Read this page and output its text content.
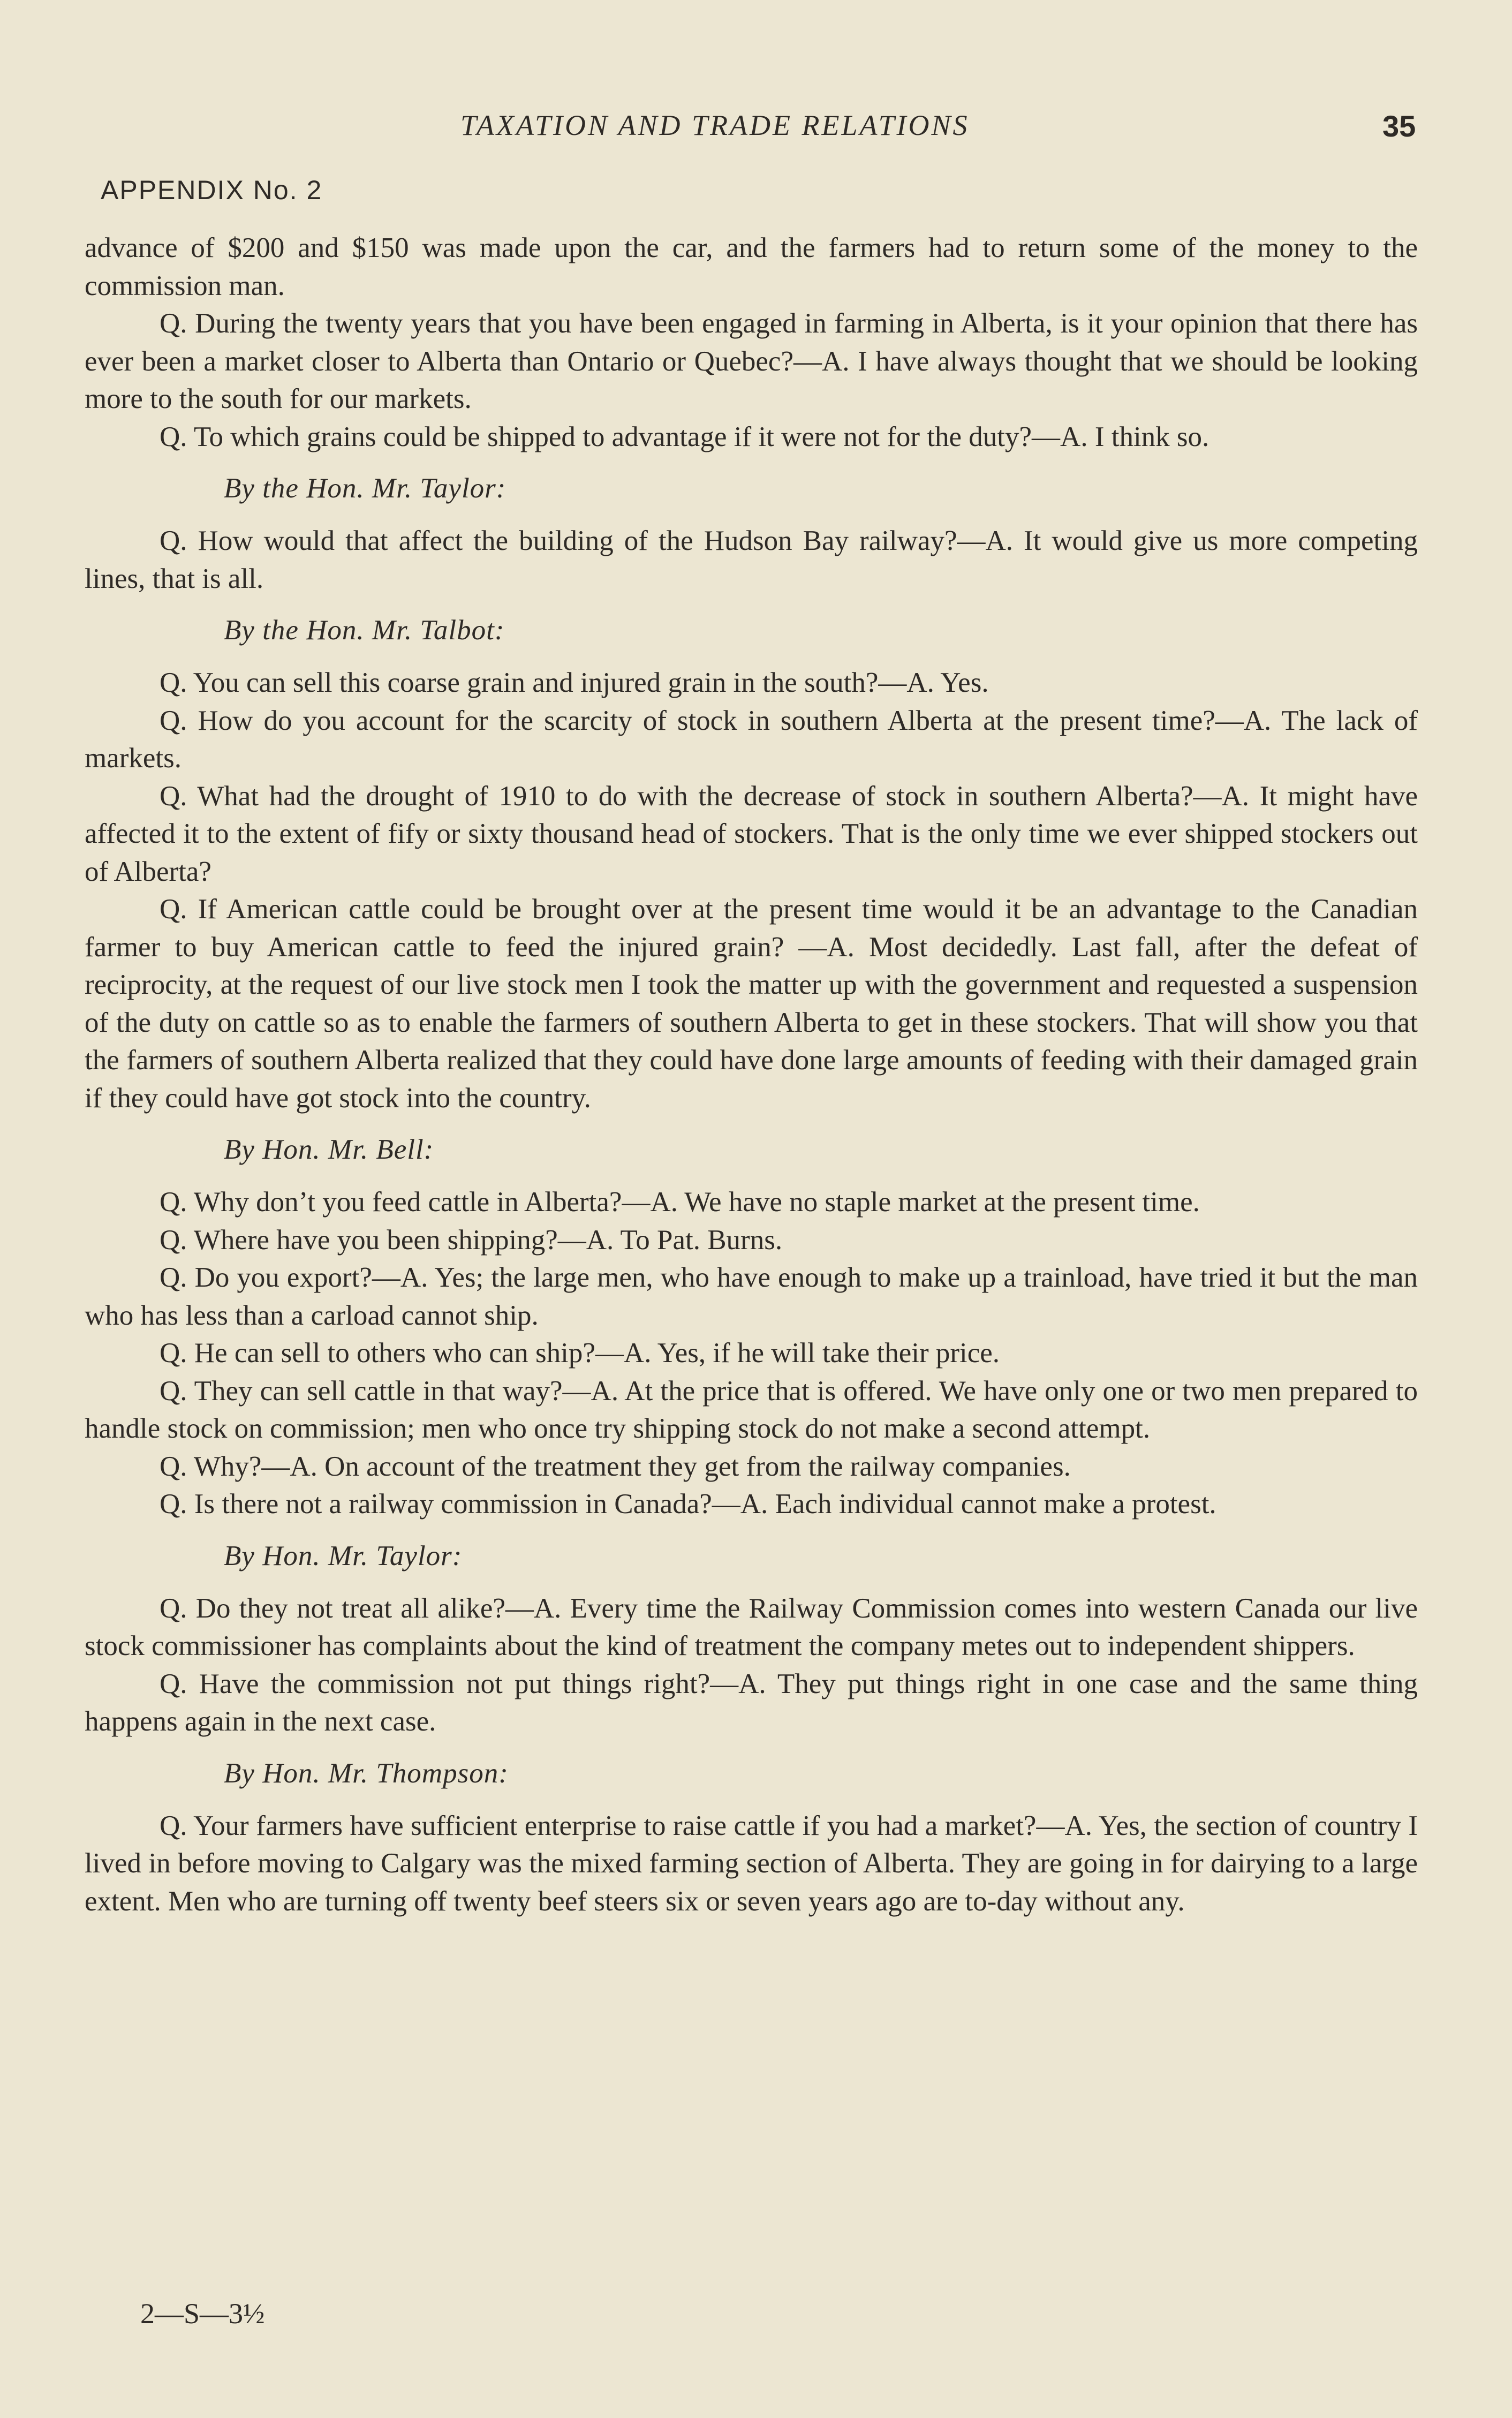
TAXATION AND TRADE RELATIONS	35
APPENDIX No. 2

advance of $200 and $150 was made upon the car, and the farmers had to return some of the money to the commission man.

Q. During the twenty years that you have been engaged in farming in Alberta, is it your opinion that there has ever been a market closer to Alberta than Ontario or Quebec?—A. I have always thought that we should be looking more to the south for our markets.

Q. To which grains could be shipped to advantage if it were not for the duty?—A. I think so.

By the Hon. Mr. Taylor:

Q. How would that affect the building of the Hudson Bay railway?—A. It would give us more competing lines, that is all.

By the Hon. Mr. Talbot:

Q. You can sell this coarse grain and injured grain in the south?—A. Yes.

Q. How do you account for the scarcity of stock in southern Alberta at the present time?—A. The lack of markets.

Q. What had the drought of 1910 to do with the decrease of stock in southern Alberta?—A. It might have affected it to the extent of fify or sixty thousand head of stockers. That is the only time we ever shipped stockers out of Alberta?

Q. If American cattle could be brought over at the present time would it be an advantage to the Canadian farmer to buy American cattle to feed the injured grain? —A. Most decidedly. Last fall, after the defeat of reciprocity, at the request of our live stock men I took the matter up with the government and requested a suspension of the duty on cattle so as to enable the farmers of southern Alberta to get in these stockers. That will show you that the farmers of southern Alberta realized that they could have done large amounts of feeding with their damaged grain if they could have got stock into the country.

By Hon. Mr. Bell:

Q. Why don’t you feed cattle in Alberta?—A. We have no staple market at the present time.

Q. Where have you been shipping?—A. To Pat. Burns.

Q. Do you export?—A. Yes; the large men, who have enough to make up a trainload, have tried it but the man who has less than a carload cannot ship.

Q. He can sell to others who can ship?—A. Yes, if he will take their price.

Q. They can sell cattle in that way?—A. At the price that is offered. We have only one or two men prepared to handle stock on commission; men who once try shipping stock do not make a second attempt.

Q. Why?—A. On account of the treatment they get from the railway companies.

Q. Is there not a railway commission in Canada?—A. Each individual cannot make a protest.

By Hon. Mr. Taylor:

Q. Do they not treat all alike?—A. Every time the Railway Commission comes into western Canada our live stock commissioner has complaints about the kind of treatment the company metes out to independent shippers.

Q. Have the commission not put things right?—A. They put things right in one case and the same thing happens again in the next case.

By Hon. Mr. Thompson:

Q. Your farmers have sufficient enterprise to raise cattle if you had a market?—A. Yes, the section of country I lived in before moving to Calgary was the mixed farming section of Alberta. They are going in for dairying to a large extent. Men who are turning off twenty beef steers six or seven years ago are to-day without any.

2—S—3½
